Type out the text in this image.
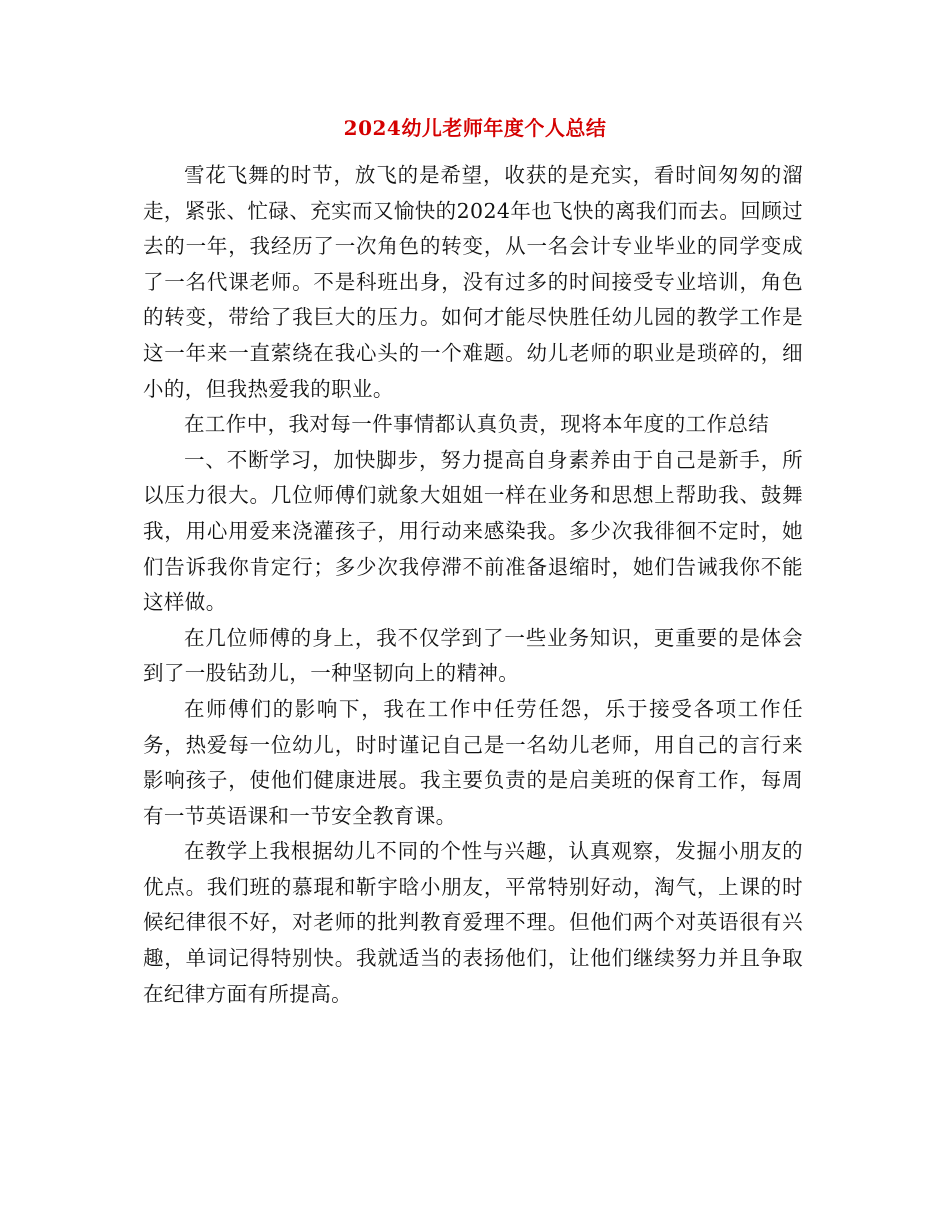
2024幼儿老师年度个人总结

雪花飞舞的时节，放飞的是希望，收获的是充实，看时间匆匆的溜走，紧张、忙碌、充实而又愉快的2024年也飞快的离我们而去。回顾过去的一年，我经历了一次角色的转变，从一名会计专业毕业的同学变成了一名代课老师。不是科班出身，没有过多的时间接受专业培训，角色的转变，带给了我巨大的压力。如何才能尽快胜任幼儿园的教学工作是这一年来一直萦绕在我心头的一个难题。幼儿老师的职业是琐碎的，细小的，但我热爱我的职业。

在工作中，我对每一件事情都认真负责，现将本年度的工作总结

一、不断学习，加快脚步，努力提高自身素养由于自己是新手，所以压力很大。几位师傅们就象大姐姐一样在业务和思想上帮助我、鼓舞我，用心用爱来浇灌孩子，用行动来感染我。多少次我徘徊不定时，她们告诉我你肯定行；多少次我停滞不前准备退缩时，她们告诫我你不能这样做。

在几位师傅的身上，我不仅学到了一些业务知识，更重要的是体会到了一股钻劲儿，一种坚韧向上的精神。

在师傅们的影响下，我在工作中任劳任怨，乐于接受各项工作任务，热爱每一位幼儿，时时谨记自己是一名幼儿老师，用自己的言行来影响孩子，使他们健康进展。我主要负责的是启美班的保育工作，每周有一节英语课和一节安全教育课。

在教学上我根据幼儿不同的个性与兴趣，认真观察，发掘小朋友的优点。我们班的慕琨和靳宇晗小朋友，平常特别好动，淘气，上课的时候纪律很不好，对老师的批判教育爱理不理。但他们两个对英语很有兴趣，单词记得特别快。我就适当的表扬他们，让他们继续努力并且争取在纪律方面有所提高。
